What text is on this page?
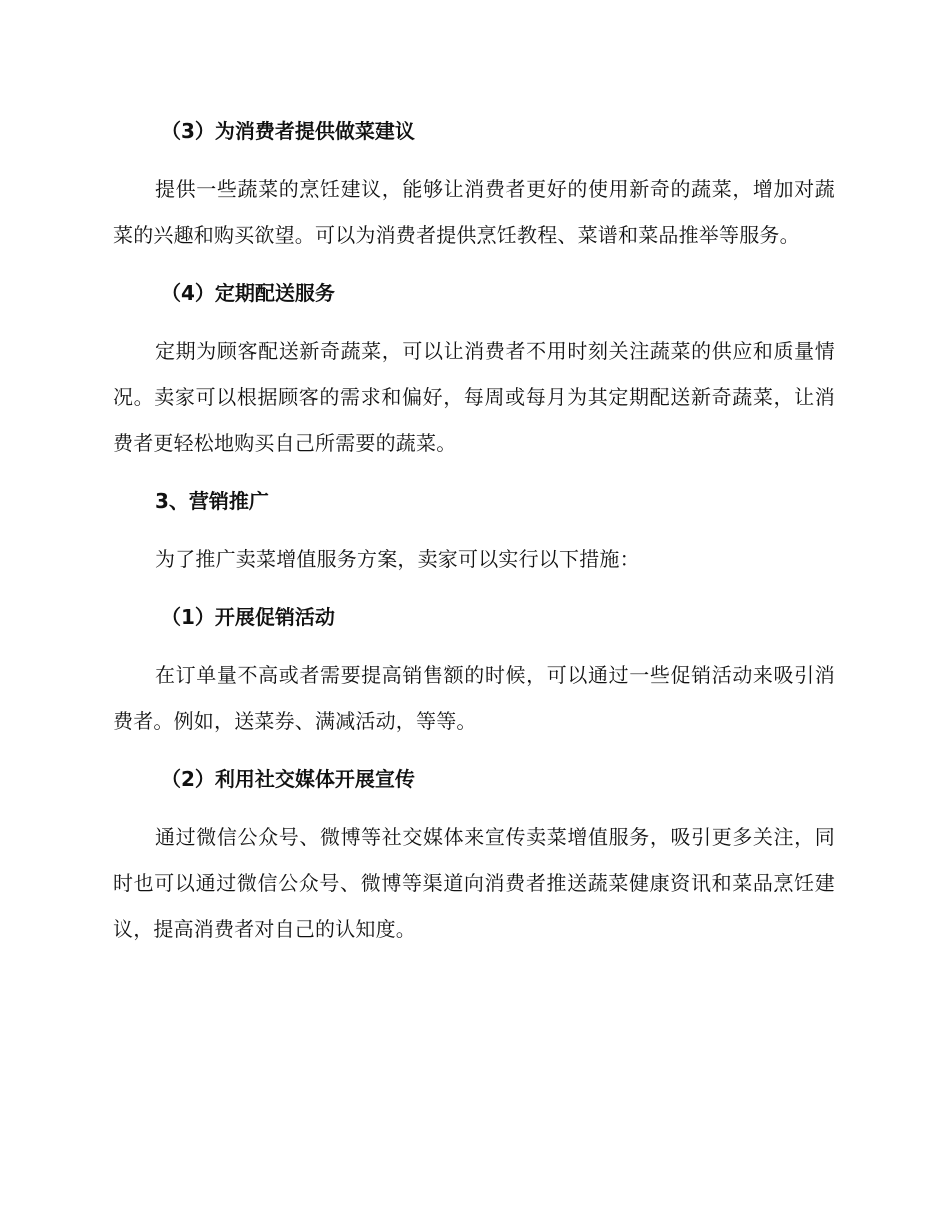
（3）为消费者提供做菜建议

提供一些蔬菜的烹饪建议，能够让消费者更好的使用新奇的蔬菜，增加对蔬菜的兴趣和购买欲望。可以为消费者提供烹饪教程、菜谱和菜品推举等服务。

（4）定期配送服务

定期为顾客配送新奇蔬菜，可以让消费者不用时刻关注蔬菜的供应和质量情况。卖家可以根据顾客的需求和偏好，每周或每月为其定期配送新奇蔬菜，让消费者更轻松地购买自己所需要的蔬菜。

3、营销推广

为了推广卖菜增值服务方案，卖家可以实行以下措施：

（1）开展促销活动

在订单量不高或者需要提高销售额的时候，可以通过一些促销活动来吸引消费者。例如，送菜券、满减活动，等等。

（2）利用社交媒体开展宣传

通过微信公众号、微博等社交媒体来宣传卖菜增值服务，吸引更多关注，同时也可以通过微信公众号、微博等渠道向消费者推送蔬菜健康资讯和菜品烹饪建议，提高消费者对自己的认知度。
